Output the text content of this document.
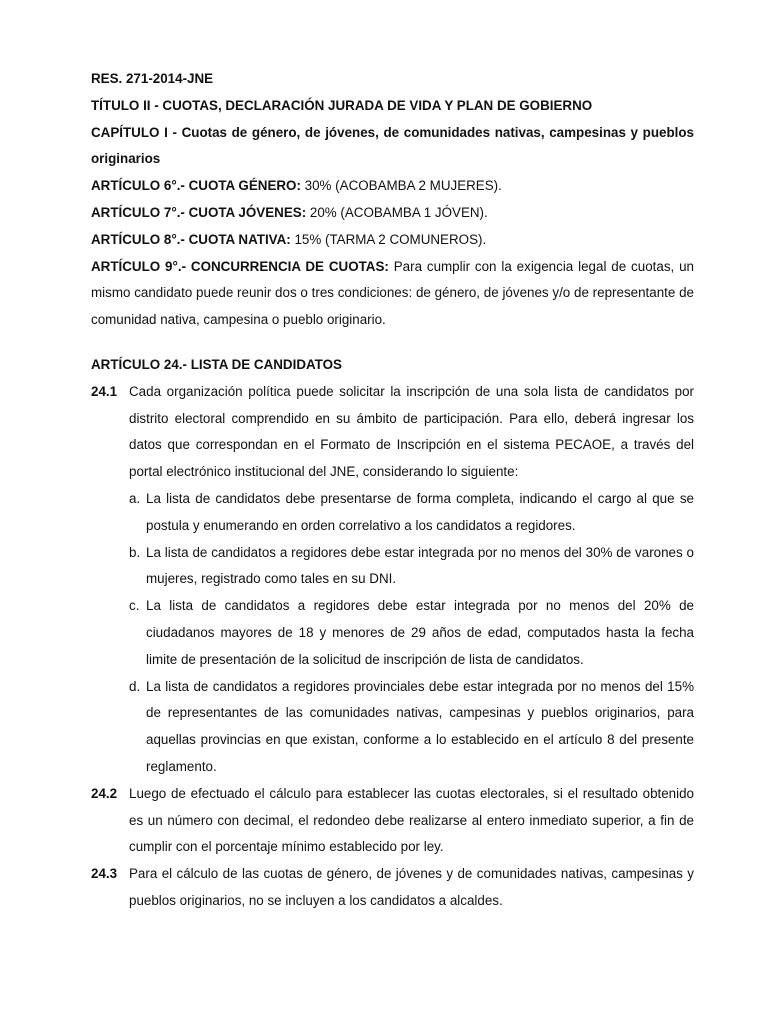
RES. 271-2014-JNE

TÍTULO II - CUOTAS, DECLARACIÓN JURADA DE VIDA Y PLAN DE GOBIERNO

CAPÍTULO I - Cuotas de género, de jóvenes, de comunidades nativas, campesinas y pueblos originarios

ARTÍCULO 6°.- CUOTA GÉNERO: 30% (ACOBAMBA 2 MUJERES).

ARTÍCULO 7°.- CUOTA JÓVENES: 20% (ACOBAMBA 1 JÓVEN).

ARTÍCULO 8°.- CUOTA NATIVA: 15% (TARMA 2 COMUNEROS).

ARTÍCULO 9°.- CONCURRENCIA DE CUOTAS: Para cumplir con la exigencia legal de cuotas, un mismo candidato puede reunir dos o tres condiciones: de género, de jóvenes y/o de representante de comunidad nativa, campesina o pueblo originario.

ARTÍCULO 24.- LISTA DE CANDIDATOS

24.1 Cada organización política puede solicitar la inscripción de una sola lista de candidatos por distrito electoral comprendido en su ámbito de participación. Para ello, deberá ingresar los datos que correspondan en el Formato de Inscripción en el sistema PECAOE, a través del portal electrónico institucional del JNE, considerando lo siguiente:

a. La lista de candidatos debe presentarse de forma completa, indicando el cargo al que se postula y enumerando en orden correlativo a los candidatos a regidores.
b. La lista de candidatos a regidores debe estar integrada por no menos del 30% de varones o mujeres, registrado como tales en su DNI.
c. La lista de candidatos a regidores debe estar integrada por no menos del 20% de ciudadanos mayores de 18 y menores de 29 años de edad, computados hasta la fecha limite de presentación de la solicitud de inscripción de lista de candidatos.
d. La lista de candidatos a regidores provinciales debe estar integrada por no menos del 15% de representantes de las comunidades nativas, campesinas y pueblos originarios, para aquellas provincias en que existan, conforme a lo establecido en el artículo 8 del presente reglamento.
24.2 Luego de efectuado el cálculo para establecer las cuotas electorales, si el resultado obtenido es un número con decimal, el redondeo debe realizarse al entero inmediato superior, a fin de cumplir con el porcentaje mínimo establecido por ley.

24.3 Para el cálculo de las cuotas de género, de jóvenes y de comunidades nativas, campesinas y pueblos originarios, no se incluyen a los candidatos a alcaldes.
